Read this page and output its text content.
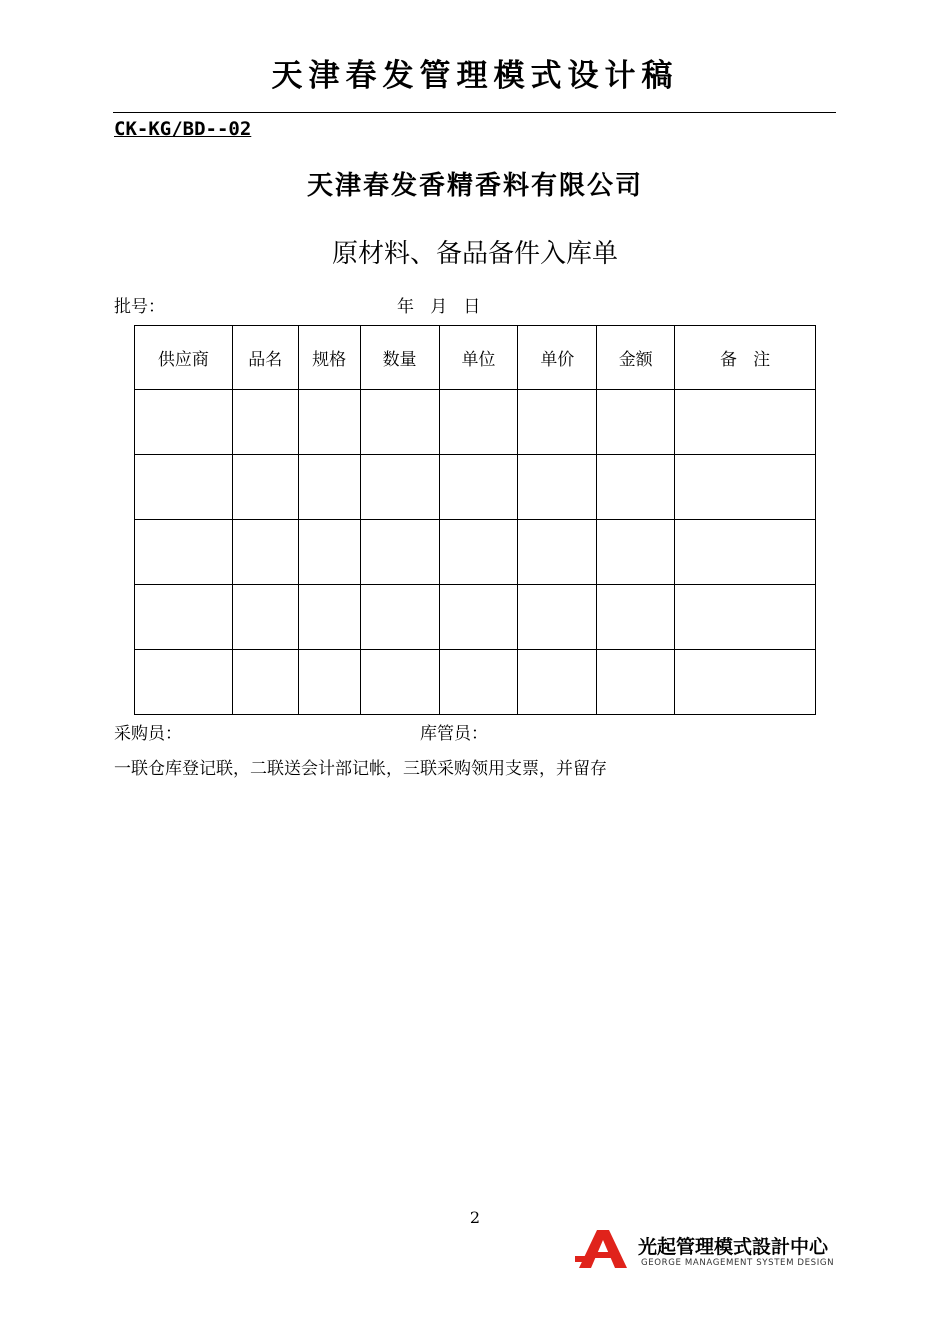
天津春发管理模式设计稿
CK-KG/BD--02
天津春发香精香料有限公司
原材料、备品备件入库单
批号：	年   月   日
供应商	品名	规格	数量	单位	单价	金额	备   注

采购员：	库管员：
一联仓库登记联，二联送会计部记帐，三联采购领用支票，并留存
2
光起管理模式設計中心
GEORGE MANAGEMENT SYSTEM DESIGN
